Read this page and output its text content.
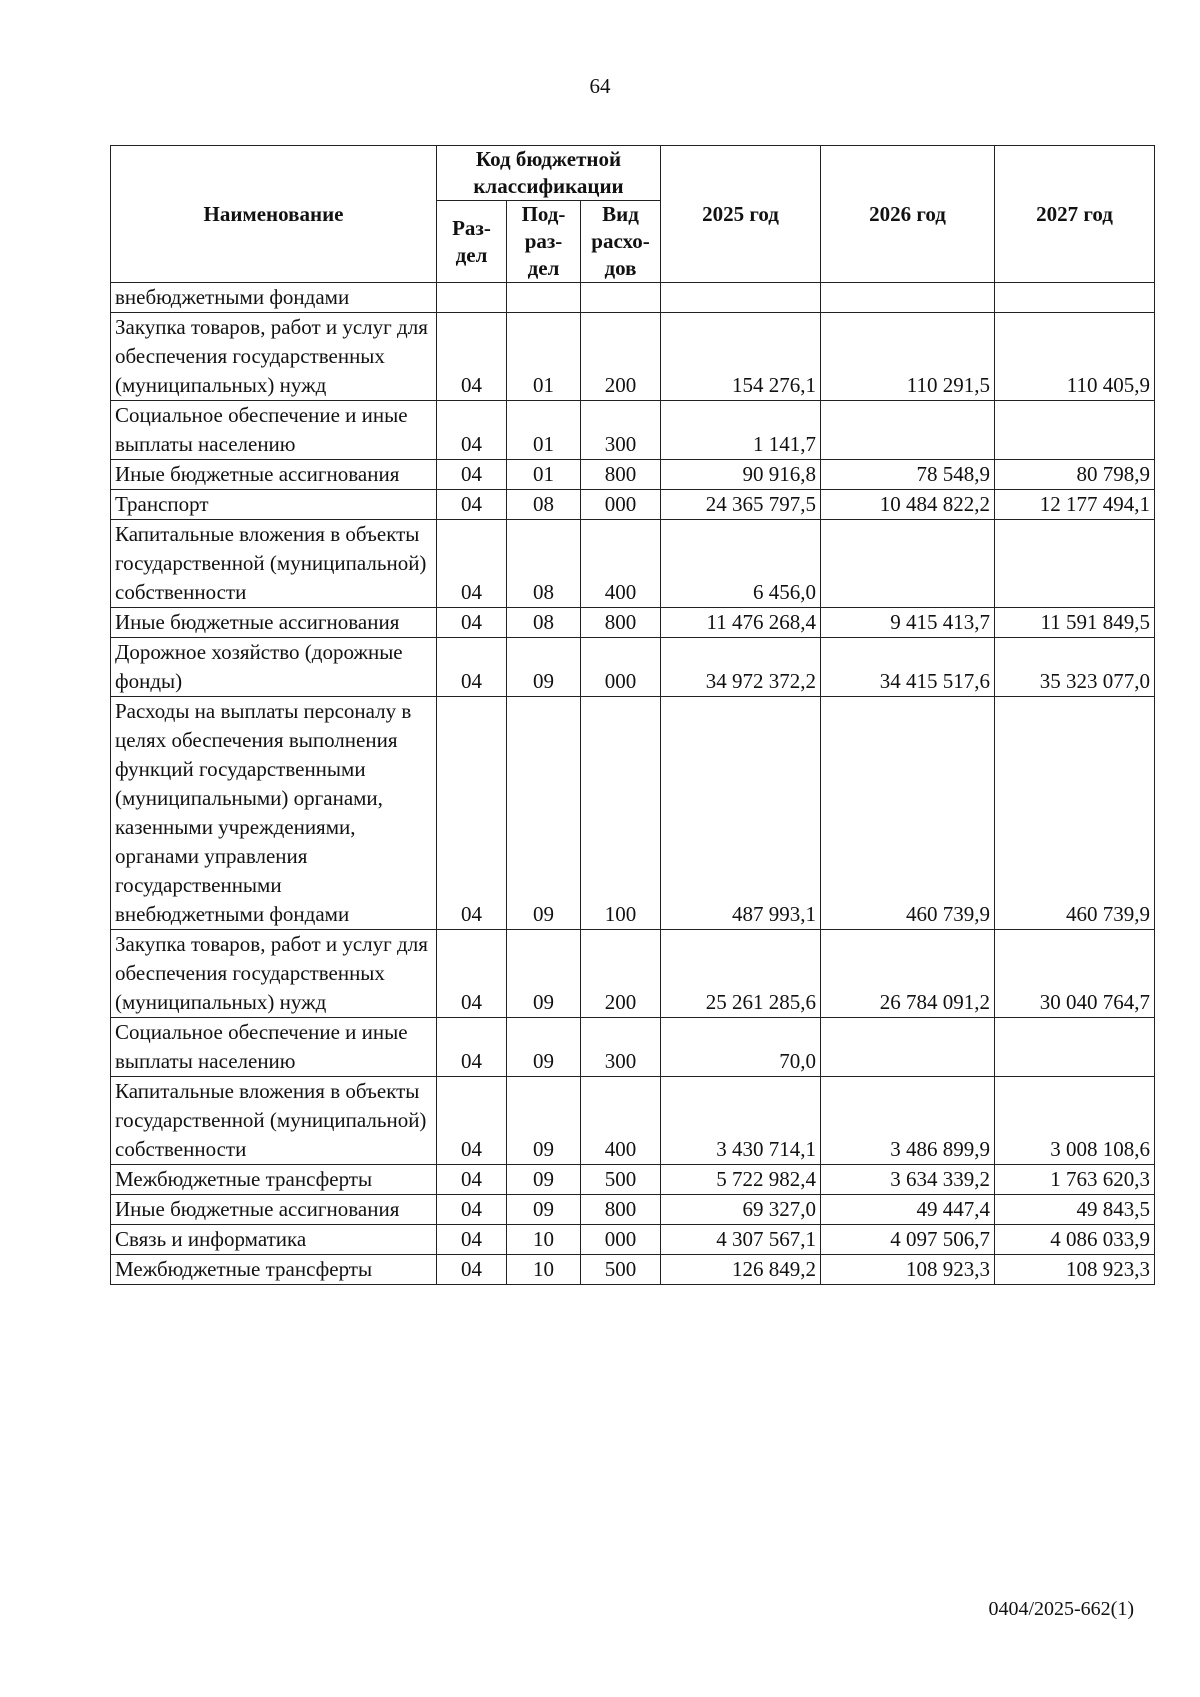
64
Наименование	Код бюджетной классификации			2025 год	2026 год	2027 год
	Раз-дел	Под-раз-дел	Вид расхо-дов			
внебюджетными фондами						
Закупка товаров, работ и услуг для обеспечения государственных (муниципальных) нужд	04	01	200	154 276,1	110 291,5	110 405,9
Социальное обеспечение и иные выплаты населению	04	01	300	1 141,7		
Иные бюджетные ассигнования	04	01	800	90 916,8	78 548,9	80 798,9
Транспорт	04	08	000	24 365 797,5	10 484 822,2	12 177 494,1
Капитальные вложения в объекты государственной (муниципальной) собственности	04	08	400	6 456,0		
Иные бюджетные ассигнования	04	08	800	11 476 268,4	9 415 413,7	11 591 849,5
Дорожное хозяйство (дорожные фонды)	04	09	000	34 972 372,2	34 415 517,6	35 323 077,0
Расходы на выплаты персоналу в целях обеспечения выполнения функций государственными (муниципальными) органами, казенными учреждениями, органами управления государственными внебюджетными фондами	04	09	100	487 993,1	460 739,9	460 739,9
Закупка товаров, работ и услуг для обеспечения государственных (муниципальных) нужд	04	09	200	25 261 285,6	26 784 091,2	30 040 764,7
Социальное обеспечение и иные выплаты населению	04	09	300	70,0		
Капитальные вложения в объекты государственной (муниципальной) собственности	04	09	400	3 430 714,1	3 486 899,9	3 008 108,6
Межбюджетные трансферты	04	09	500	5 722 982,4	3 634 339,2	1 763 620,3
Иные бюджетные ассигнования	04	09	800	69 327,0	49 447,4	49 843,5
Связь и информатика	04	10	000	4 307 567,1	4 097 506,7	4 086 033,9
Межбюджетные трансферты	04	10	500	126 849,2	108 923,3	108 923,3
0404/2025-662(1)
